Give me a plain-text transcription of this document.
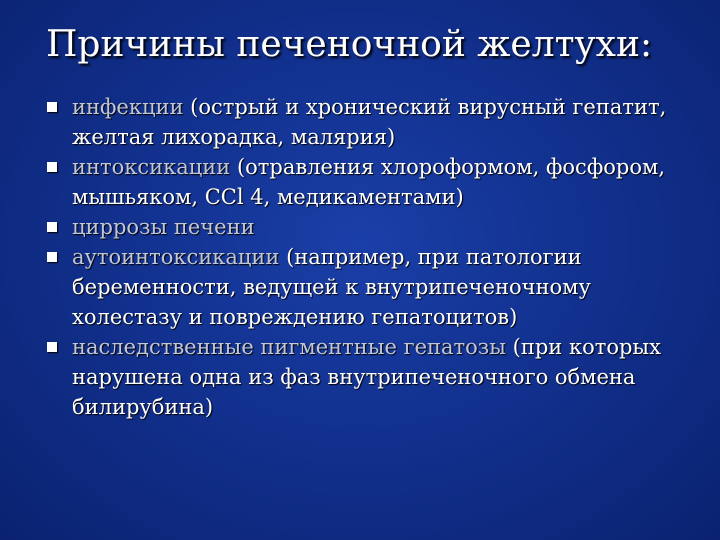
Причины печеночной желтухи:
инфекции (острый и хронический вирусный гепатит, желтая лихорадка, малярия)
интоксикации (отравления хлороформом, фосфором, мышьяком, ССl 4, медикаментами)
циррозы печени
аутоинтоксикации (например, при патологии беременности, ведущей к внутрипеченочному холестазу и повреждению гепатоцитов)
наследственные пигментные гепатозы (при которых нарушена одна из фаз внутрипеченочного обмена билирубина)
